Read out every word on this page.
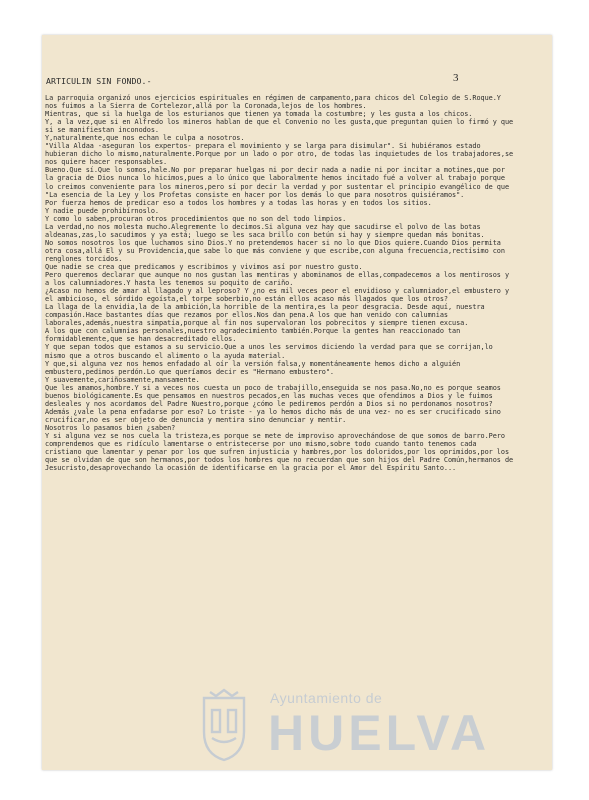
ARTICULIN SIN FONDO.-	3

La parroquia organizó unos ejercicios espirituales en régimen de campamento,para chicos del Colegio de S.Roque.Y nos fuimos a la Sierra de Cortelezor,allá por la Coronada,lejos de los hombres.

Mientras, que si la huelga de los esturianos que tienen ya tomada la costumbre; y les gusta a los chicos.

Y, a la vez,que si en Alfredo los mineros hablan de que el Convenio no les gusta,que preguntan quien lo firmó y que si se manifiestan inconodos.

Y,naturalmente,que nos echan le culpa a nosotros.

"Villa Aldaa -aseguran los expertos- prepara el movimiento y se larga para disimular". Si hubiéramos estado hubieran dicho lo mismo,naturalmente.Porque por un lado o por otro, de todas las inquietudes de los trabajadores,se nos quiere hacer responsables.

Bueno.Que sí.Que lo somos,hale.No por preparar huelgas ni por decir nada a nadie ni por incitar a motines,que por la gracia de Dios nunca lo hicimos,pues a lo único que laboralmente hemos incitado fué a volver al trabajo porque lo creimos conveniente para los mineros,pero sí por decir la verdad y por sustentar el principio evangélico de que "La esencia de la Ley y los Profetas consiste en hacer por los demás lo que para nosotros quisiéramos".

Por fuerza hemos de predicar eso a todos los hombres y a todas las horas y en todos los sitios.

Y nadie puede prohibírnoslo.

Y como lo saben,procuran otros procedimientos que no son del todo limpios.

La verdad,no nos molesta mucho.Alegremente lo decimos.Si alguna vez hay que sacudirse el polvo de las botas aldeanas,zas,lo sacudimos y ya está; luego se les saca brillo con betún si hay y siempre quedan más bonitas.

No somos nosotros los que luchamos sino Dios.Y no pretendemos hacer si no lo que Dios quiere.Cuando Dios permita otra cosa,allá El y su Providencia,que sabe lo que más conviene y que escribe,con alguna frecuencia,rectísimo con renglones torcidos.

Que nadie se crea que predicamos y escribimos y vivimos así por nuestro gusto.

Pero queremos declarar que aunque no nos gustan las mentiras y abominamos de ellas,compadecemos a los mentirosos y a los calumniadores.Y hasta les tenemos su poquito de cariño.

¿Acaso no hemos de amar al llagado y al leproso? Y ¿no es mil veces peor el envidioso y calumniador,el embustero y el ambicioso, el sórdido egoísta,el torpe soberbio,no están ellos acaso más llagados que los otros?

La llaga de la envidia,la de la ambición,la horrible de la mentira,es la peor desgracia. Desde aquí, nuestra compasión.Hace bastantes días que rezamos por ellos.Nos dan pena.A los que han venido con calumnias laborales,además,nuestra simpatía,porque al fin nos supervaloran los pobrecitos y siempre tienen excusa.

A los que con calumnias personales,nuestro agradecimiento también.Porque la gentes han reaccionado tan formidablemente,que se han desacreditado ellos.

Y que sepan todos que estamos a su servicio.Que a unos les servimos diciendo la verdad para que se corrijan,lo mismo que a otros buscando el alimento o la ayuda material.

Y que,si alguna vez nos hemos enfadado al oír la versión falsa,y momentáneamente hemos dicho a alguién embustero,pedimos perdón.Lo que queríamos decir es "Hermano embustero".

Y suavemente,cariñosamente,mansamente.

Que les amamos,hombre.Y si a veces nos cuesta un poco de trabajillo,enseguida se nos pasa.No,no es porque seamos buenos biológicamente.Es que pensamos en nuestros pecados,en las muchas veces que ofendimos a Dios y le fuimos desleales y nos acordamos del Padre Nuestro,porque ¿cómo le pediremos perdón a Dios si no perdonamos nosotros?

Además ¿vale la pena enfadarse por eso? Lo triste - ya lo hemos dicho más de una vez- no es ser crucificado sino crucificar,no es ser objeto de denuncia y mentira sino denunciar y mentir.

Nosotros lo pasamos bien ¿saben?

Y si alguna vez se nos cuela la tristeza,es porque se mete de improviso aprovechándose de que somos de barro.Pero comprendemos que es ridículo lamentarse o entristecerse por uno mismo,sobre todo cuando tanto tenemos cada cristiano que lamentar y penar por los que sufren injusticia y hambres,por los doloridos,por los oprimidos,por los que se olvidan de que son hermanos,por todos los hombres que no recuerdan que son hijos del Padre Común,hermanos de Jesucristo,desaprovechando la ocasión de identificarse en la gracia por el Amor del Espíritu Santo...

Ayuntamiento de
HUELVA
